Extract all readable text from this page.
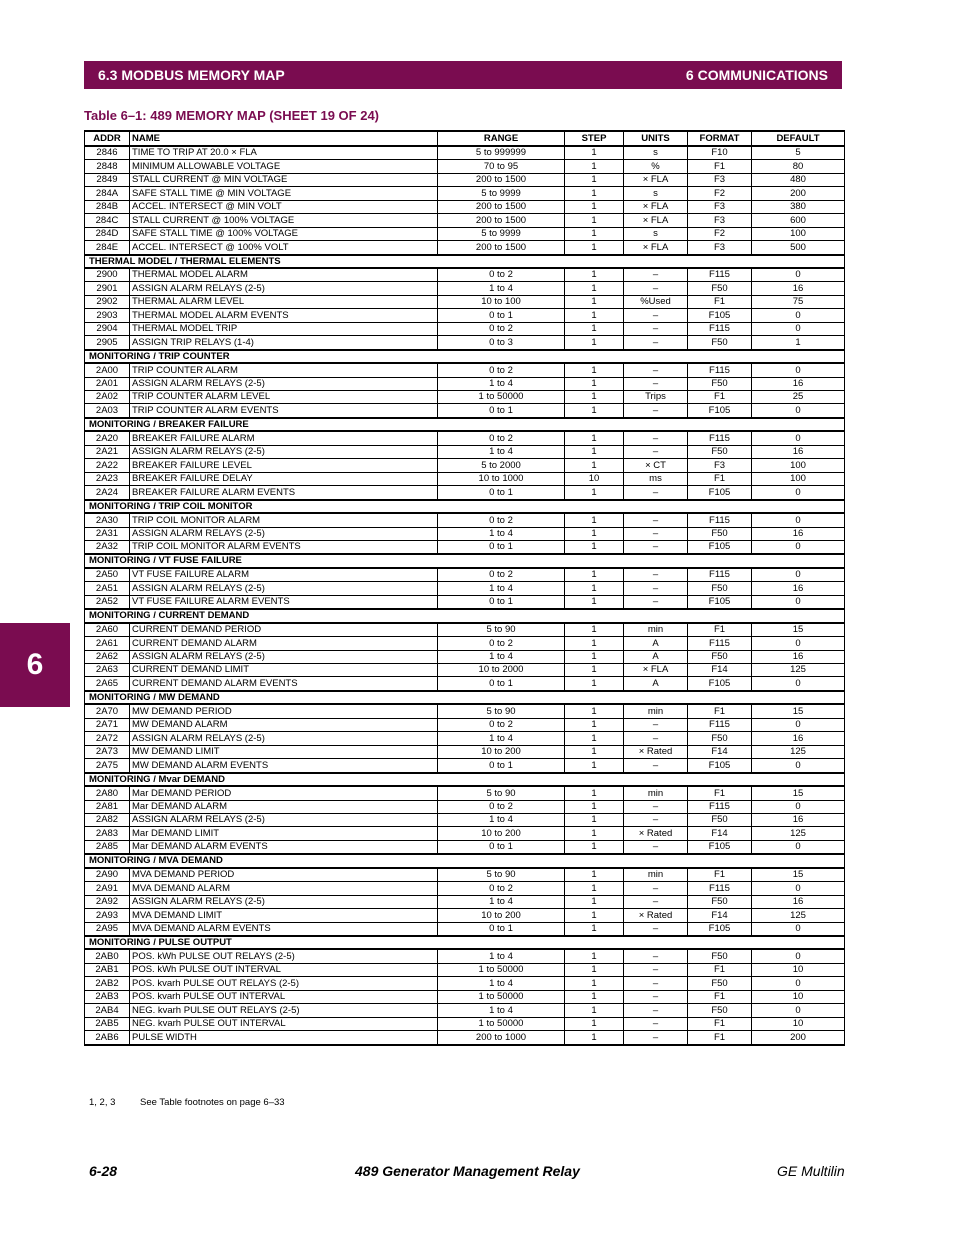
6.3 MODBUS MEMORY MAP	6 COMMUNICATIONS
Table 6–1: 489 MEMORY MAP (SHEET 19 OF 24)
ADDR	NAME	RANGE	STEP	UNITS	FORMAT	DEFAULT
2846	TIME TO TRIP AT 20.0 × FLA	5 to 999999	1	s	F10	5
2848	MINIMUM ALLOWABLE VOLTAGE	70 to 95	1	%	F1	80
2849	STALL CURRENT @ MIN VOLTAGE	200 to 1500	1	× FLA	F3	480
284A	SAFE STALL TIME @ MIN VOLTAGE	5 to 9999	1	s	F2	200
284B	ACCEL. INTERSECT @ MIN VOLT	200 to 1500	1	× FLA	F3	380
284C	STALL CURRENT @ 100% VOLTAGE	200 to 1500	1	× FLA	F3	600
284D	SAFE STALL TIME @ 100% VOLTAGE	5 to 9999	1	s	F2	100
284E	ACCEL. INTERSECT @ 100% VOLT	200 to 1500	1	× FLA	F3	500
THERMAL MODEL / THERMAL ELEMENTS						
2900	THERMAL MODEL ALARM	0 to 2	1	–	F115	0
2901	ASSIGN ALARM RELAYS (2-5)	1 to 4	1	–	F50	16
2902	THERMAL ALARM LEVEL	10 to 100	1	%Used	F1	75
2903	THERMAL MODEL ALARM EVENTS	0 to 1	1	–	F105	0
2904	THERMAL MODEL TRIP	0 to 2	1	–	F115	0
2905	ASSIGN TRIP RELAYS (1-4)	0 to 3	1	–	F50	1
MONITORING / TRIP COUNTER						
2A00	TRIP COUNTER ALARM	0 to 2	1	–	F115	0
2A01	ASSIGN ALARM RELAYS (2-5)	1 to 4	1	–	F50	16
2A02	TRIP COUNTER ALARM LEVEL	1 to 50000	1	Trips	F1	25
2A03	TRIP COUNTER ALARM EVENTS	0 to 1	1	–	F105	0
MONITORING / BREAKER FAILURE						
2A20	BREAKER FAILURE ALARM	0 to 2	1	–	F115	0
2A21	ASSIGN ALARM RELAYS (2-5)	1 to 4	1	–	F50	16
2A22	BREAKER FAILURE LEVEL	5 to 2000	1	× CT	F3	100
2A23	BREAKER FAILURE DELAY	10 to 1000	10	ms	F1	100
2A24	BREAKER FAILURE ALARM EVENTS	0 to 1	1	–	F105	0
MONITORING / TRIP COIL MONITOR						
2A30	TRIP COIL MONITOR ALARM	0 to 2	1	–	F115	0
2A31	ASSIGN ALARM RELAYS (2-5)	1 to 4	1	–	F50	16
2A32	TRIP COIL MONITOR ALARM EVENTS	0 to 1	1	–	F105	0
MONITORING / VT FUSE FAILURE						
2A50	VT FUSE FAILURE ALARM	0 to 2	1	–	F115	0
2A51	ASSIGN ALARM RELAYS (2-5)	1 to 4	1	–	F50	16
2A52	VT FUSE FAILURE ALARM EVENTS	0 to 1	1	–	F105	0
MONITORING / CURRENT DEMAND						
2A60	CURRENT DEMAND PERIOD	5 to 90	1	min	F1	15
2A61	CURRENT DEMAND ALARM	0 to 2	1	A	F115	0
2A62	ASSIGN ALARM RELAYS (2-5)	1 to 4	1	A	F50	16
2A63	CURRENT DEMAND LIMIT	10 to 2000	1	× FLA	F14	125
2A65	CURRENT DEMAND ALARM EVENTS	0 to 1	1	A	F105	0
MONITORING / MW DEMAND						
2A70	MW DEMAND PERIOD	5 to 90	1	min	F1	15
2A71	MW DEMAND ALARM	0 to 2	1	–	F115	0
2A72	ASSIGN ALARM RELAYS (2-5)	1 to 4	1	–	F50	16
2A73	MW DEMAND LIMIT	10 to 200	1	× Rated	F14	125
2A75	MW DEMAND ALARM EVENTS	0 to 1	1	–	F105	0
MONITORING / Mvar DEMAND						
2A80	Mar DEMAND PERIOD	5 to 90	1	min	F1	15
2A81	Mar DEMAND ALARM	0 to 2	1	–	F115	0
2A82	ASSIGN ALARM RELAYS (2-5)	1 to 4	1	–	F50	16
2A83	Mar DEMAND LIMIT	10 to 200	1	× Rated	F14	125
2A85	Mar DEMAND ALARM EVENTS	0 to 1	1	–	F105	0
MONITORING / MVA DEMAND						
2A90	MVA DEMAND PERIOD	5 to 90	1	min	F1	15
2A91	MVA DEMAND ALARM	0 to 2	1	–	F115	0
2A92	ASSIGN ALARM RELAYS (2-5)	1 to 4	1	–	F50	16
2A93	MVA DEMAND LIMIT	10 to 200	1	× Rated	F14	125
2A95	MVA DEMAND ALARM EVENTS	0 to 1	1	–	F105	0
MONITORING / PULSE OUTPUT						
2AB0	POS. kWh PULSE OUT RELAYS (2-5)	1 to 4	1	–	F50	0
2AB1	POS. kWh PULSE OUT INTERVAL	1 to 50000	1	–	F1	10
2AB2	POS. kvarh PULSE OUT RELAYS (2-5)	1 to 4	1	–	F50	0
2AB3	POS. kvarh PULSE OUT INTERVAL	1 to 50000	1	–	F1	10
2AB4	NEG. kvarh PULSE OUT RELAYS (2-5)	1 to 4	1	–	F50	0
2AB5	NEG. kvarh PULSE OUT INTERVAL	1 to 50000	1	–	F1	10
2AB6	PULSE WIDTH	200 to 1000	1	–	F1	200
1, 2, 3	See Table footnotes on page 6–33
6
6-28	489 Generator Management Relay	GE Multilin
